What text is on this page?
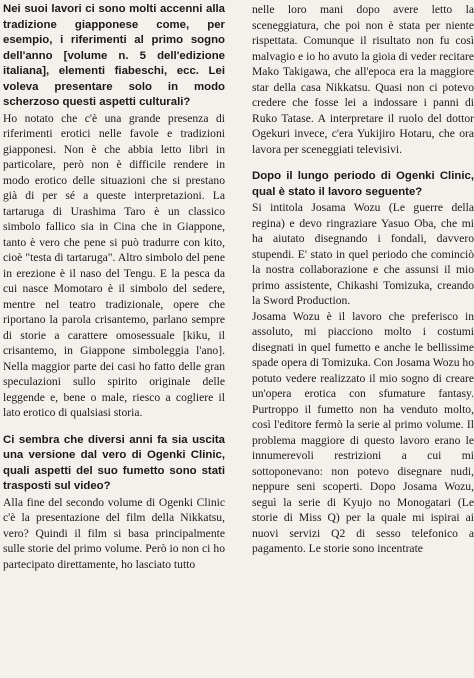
Nei suoi lavori ci sono molti accenni alla tradizione giapponese come, per esempio, i riferimenti al primo sogno dell'anno [volume n. 5 dell'edizione italiana], elementi fiabeschi, ecc. Lei voleva presentare solo in modo scherzoso questi aspetti culturali?

Ho notato che c'è una grande presenza di riferimenti erotici nelle favole e tradizioni giapponesi. Non è che abbia letto libri in particolare, però non è difficile rendere in modo erotico delle situazioni che si prestano già di per sé a queste interpretazioni. La tartaruga di Urashima Taro è un classico simbolo fallico sia in Cina che in Giappone, tanto è vero che pene si può tradurre con kito, cioè "testa di tartaruga". Altro simbolo del pene in erezione è il naso del Tengu. E la pesca da cui nasce Momotaro è il simbolo del sedere, mentre nel teatro tradizionale, opere che riportano la parola crisantemo, parlano sempre di storie a carattere omosessuale [kiku, il crisantemo, in Giappone simboleggia l'ano]. Nella maggior parte dei casi ho fatto delle gran speculazioni sullo spirito originale delle leggende e, bene o male, riesco a cogliere il lato erotico di qualsiasi storia.

Ci sembra che diversi anni fa sia uscita una versione dal vero di Ogenki Clinic, quali aspetti del suo fumetto sono stati trasposti sul video?

Alla fine del secondo volume di Ogenki Clinic c'è la presentazione del film della Nikkatsu, vero? Quindi il film si basa principalmente sulle storie del primo volume. Però io non ci ho partecipato direttamente, ho lasciato tutto

nelle loro mani dopo avere letto la sceneggiatura, che poi non è stata per niente rispettata. Comunque il risultato non fu così malvagio e io ho avuto la gioia di veder recitare Mako Takigawa, che all'epoca era la maggiore star della casa Nikkatsu. Quasi non ci potevo credere che fosse lei a indossare i panni di Ruko Tatase. A interpretare il ruolo del dottor Ogekuri invece, c'era Yukijiro Hotaru, che ora lavora per sceneggiati televisivi.

Dopo il lungo periodo di Ogenki Clinic, qual è stato il lavoro seguente?

Si intitola Josama Wozu (Le guerre della regina) e devo ringraziare Yasuo Oba, che mi ha aiutato disegnando i fondali, davvero stupendi. E' stato in quel periodo che cominciò la nostra collaborazione e che assunsi il mio primo assistente, Chikashi Tomizuka, creando la Sword Production.

Josama Wozu è il lavoro che preferisco in assoluto, mi piacciono molto i costumi disegnati in quel fumetto e anche le bellissime spade opera di Tomizuka. Con Josama Wozu ho potuto vedere realizzato il mio sogno di creare un'opera erotica con sfumature fantasy. Purtroppo il fumetto non ha venduto molto, così l'editore fermò la serie al primo volume. Il problema maggiore di questo lavoro erano le innumerevoli restrizioni a cui mi sottoponevano: non potevo disegnare nudi, neppure seni scoperti. Dopo Josama Wozu, seguì la serie di Kyujo no Monogatari (Le storie di Miss Q) per la quale mi ispirai ai nuovi servizi Q2 di sesso telefonico a pagamento. Le storie sono incentrate
